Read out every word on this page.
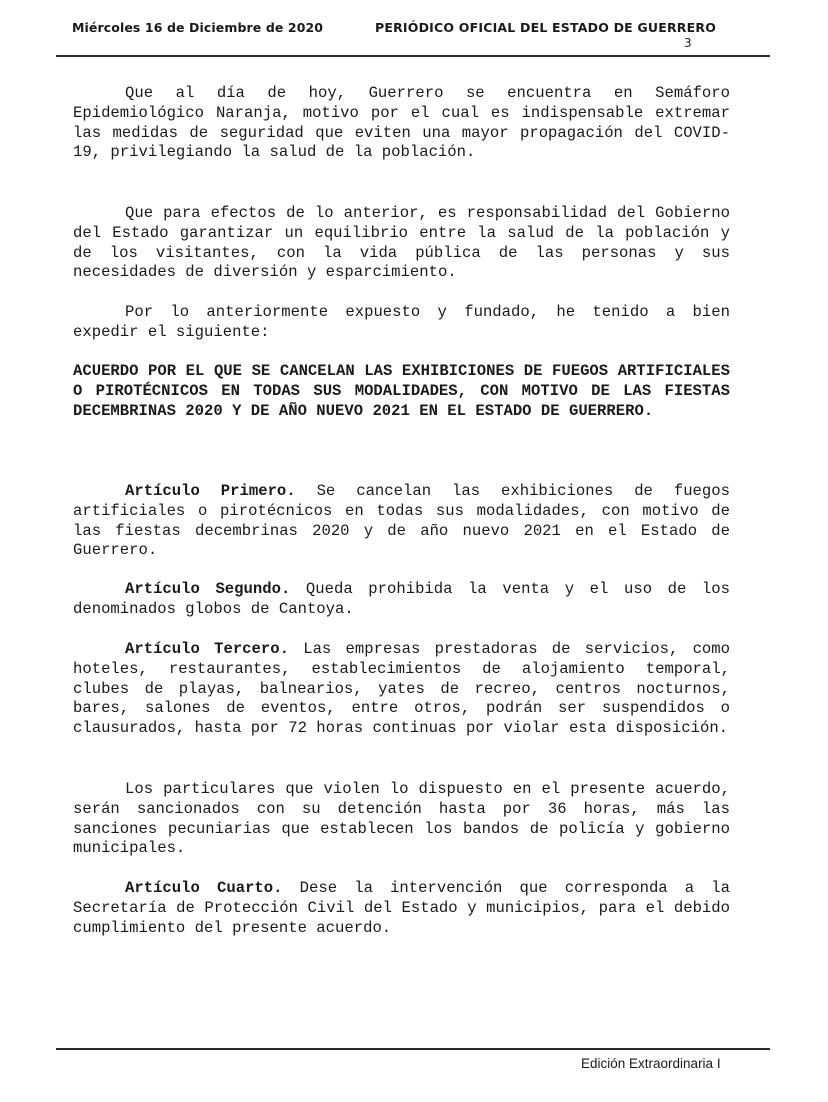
Miércoles 16 de Diciembre de 2020	PERIÓDICO OFICIAL DEL ESTADO DE GUERRERO
3

Que al día de hoy, Guerrero se encuentra en Semáforo Epidemiológico Naranja, motivo por el cual es indispensable extremar las medidas de seguridad que eviten una mayor propagación del COVID-19, privilegiando la salud de la población.

Que para efectos de lo anterior, es responsabilidad del Gobierno del Estado garantizar un equilibrio entre la salud de la población y de los visitantes, con la vida pública de las personas y sus necesidades de diversión y esparcimiento.

Por lo anteriormente expuesto y fundado, he tenido a bien expedir el siguiente:

ACUERDO POR EL QUE SE CANCELAN LAS EXHIBICIONES DE FUEGOS ARTIFICIALES O PIROTÉCNICOS EN TODAS SUS MODALIDADES, CON MOTIVO DE LAS FIESTAS DECEMBRINAS 2020 Y DE AÑO NUEVO 2021 EN EL ESTADO DE GUERRERO.

Artículo Primero. Se cancelan las exhibiciones de fuegos artificiales o pirotécnicos en todas sus modalidades, con motivo de las fiestas decembrinas 2020 y de año nuevo 2021 en el Estado de Guerrero.

Artículo Segundo. Queda prohibida la venta y el uso de los denominados globos de Cantoya.

Artículo Tercero. Las empresas prestadoras de servicios, como hoteles, restaurantes, establecimientos de alojamiento temporal, clubes de playas, balnearios, yates de recreo, centros nocturnos, bares, salones de eventos, entre otros, podrán ser suspendidos o clausurados, hasta por 72 horas continuas por violar esta disposición.

Los particulares que violen lo dispuesto en el presente acuerdo, serán sancionados con su detención hasta por 36 horas, más las sanciones pecuniarias que establecen los bandos de policía y gobierno municipales.

Artículo Cuarto. Dese la intervención que corresponda a la Secretaría de Protección Civil del Estado y municipios, para el debido cumplimiento del presente acuerdo.

Edición Extraordinaria I
